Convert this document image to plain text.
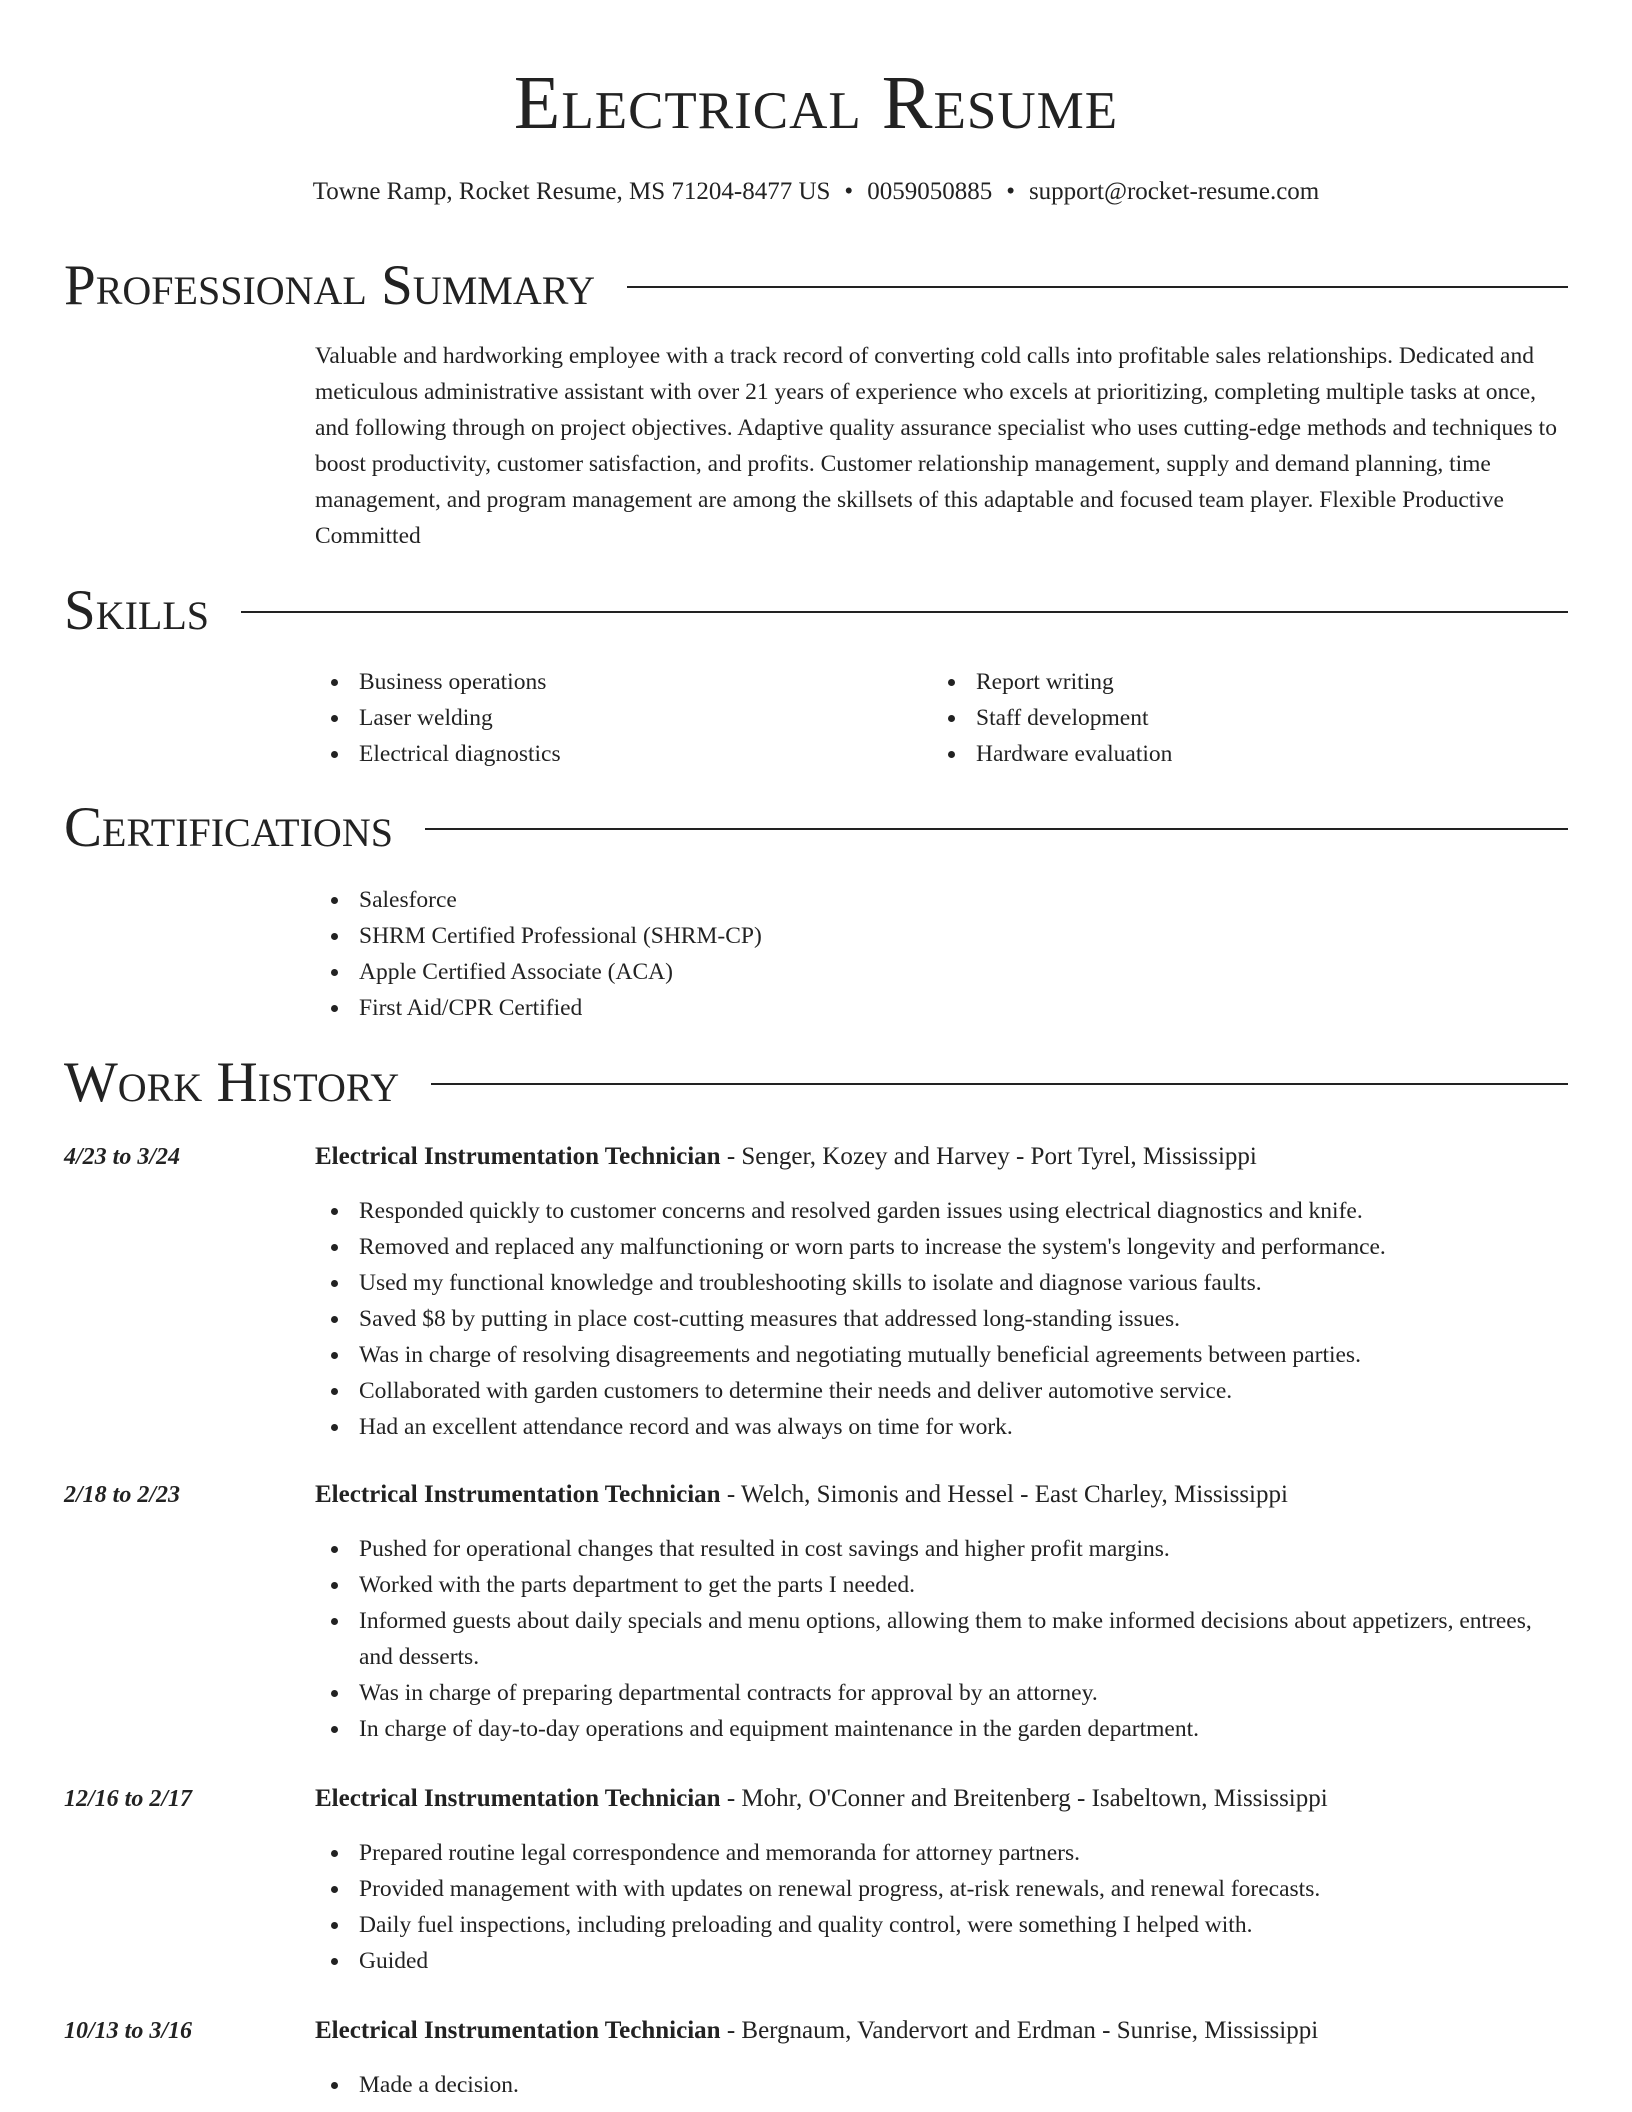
Electrical Resume
Towne Ramp, Rocket Resume, MS 71204-8477 US • 0059050885 • support@rocket-resume.com
Professional Summary

Valuable and hardworking employee with a track record of converting cold calls into profitable sales relationships. Dedicated and meticulous administrative assistant with over 21 years of experience who excels at prioritizing, completing multiple tasks at once, and following through on project objectives. Adaptive quality assurance specialist who uses cutting-edge methods and techniques to boost productivity, customer satisfaction, and profits. Customer relationship management, supply and demand planning, time management, and program management are among the skillsets of this adaptable and focused team player. Flexible Productive Committed

Skills
Business operations
Laser welding
Electrical diagnostics
Report writing
Staff development
Hardware evaluation
Certifications
Salesforce
SHRM Certified Professional (SHRM-CP)
Apple Certified Associate (ACA)
First Aid/CPR Certified
Work History
4/23 to 3/24	Electrical Instrumentation Technician - Senger, Kozey and Harvey - Port Tyrel, Mississippi
Responded quickly to customer concerns and resolved garden issues using electrical diagnostics and knife.
Removed and replaced any malfunctioning or worn parts to increase the system's longevity and performance.
Used my functional knowledge and troubleshooting skills to isolate and diagnose various faults.
Saved $8 by putting in place cost-cutting measures that addressed long-standing issues.
Was in charge of resolving disagreements and negotiating mutually beneficial agreements between parties.
Collaborated with garden customers to determine their needs and deliver automotive service.
Had an excellent attendance record and was always on time for work.
2/18 to 2/23	Electrical Instrumentation Technician - Welch, Simonis and Hessel - East Charley, Mississippi
Pushed for operational changes that resulted in cost savings and higher profit margins.
Worked with the parts department to get the parts I needed.
Informed guests about daily specials and menu options, allowing them to make informed decisions about appetizers, entrees, and desserts.
Was in charge of preparing departmental contracts for approval by an attorney.
In charge of day-to-day operations and equipment maintenance in the garden department.
12/16 to 2/17	Electrical Instrumentation Technician - Mohr, O'Conner and Breitenberg - Isabeltown, Mississippi
Prepared routine legal correspondence and memoranda for attorney partners.
Provided management with with updates on renewal progress, at-risk renewals, and renewal forecasts.
Daily fuel inspections, including preloading and quality control, were something I helped with.
Guided
10/13 to 3/16	Electrical Instrumentation Technician - Bergnaum, Vandervort and Erdman - Sunrise, Mississippi
Made a decision.
